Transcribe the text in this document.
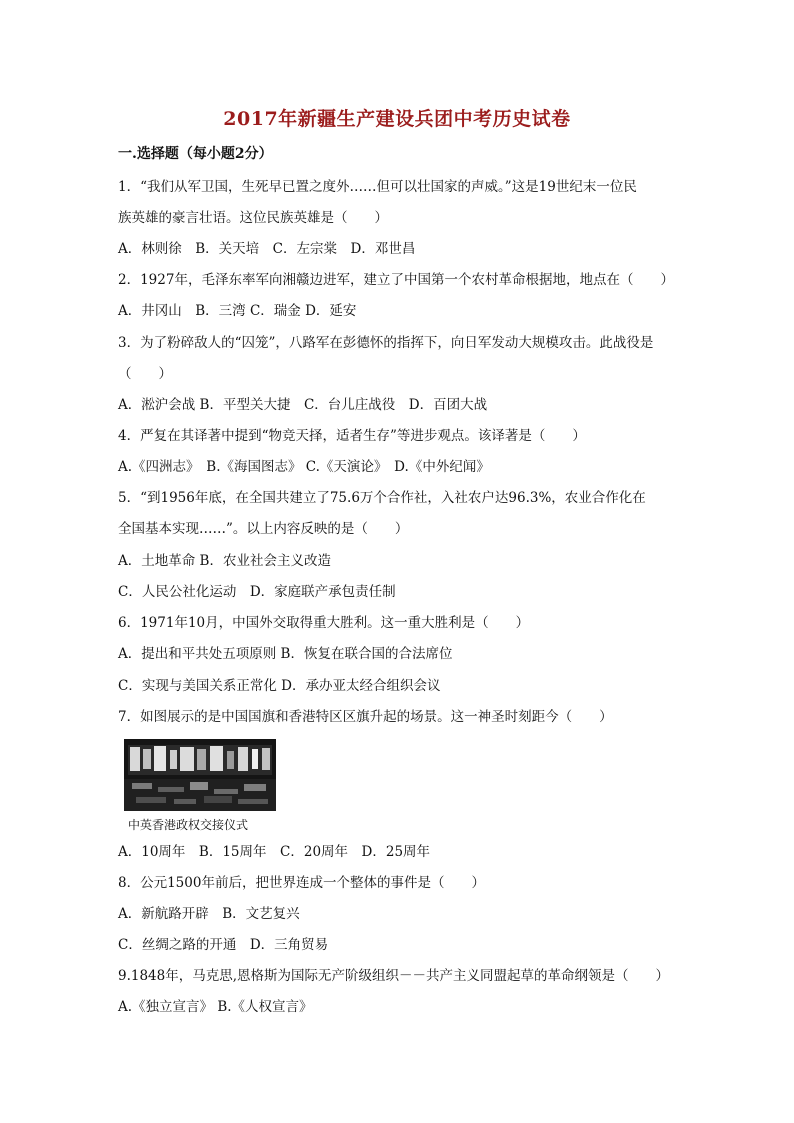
2017年新疆生产建设兵团中考历史试卷
一.选择题（每小题2分）
1．“我们从军卫国，生死早已置之度外……但可以壮国家的声威。”这是19世纪末一位民
族英雄的豪言壮语。这位民族英雄是（　　）
A．林则徐　B．关天培　C．左宗棠　D．邓世昌
2．1927年，毛泽东率军向湘赣边进军，建立了中国第一个农村革命根据地，地点在（　　）
A．井冈山　B．三湾 C．瑞金 D．延安
3．为了粉碎敌人的“囚笼”，八路军在彭德怀的指挥下，向日军发动大规模攻击。此战役是
（　　）
A．淞沪会战 B．平型关大捷　C．台儿庄战役　D．百团大战
4．严复在其译著中提到“物竞天择，适者生存”等进步观点。该译著是（　　）
A.《四洲志》　B.《海国图志》 C.《天演论》　D.《中外纪闻》
5．“到1956年底，在全国共建立了75.6万个合作社，入社农户达96.3%，农业合作化在
全国基本实现……”。以上内容反映的是（　　）
A．土地革命 B．农业社会主义改造
C．人民公社化运动　D．家庭联产承包责任制
6．1971年10月，中国外交取得重大胜利。这一重大胜利是（　　）
A．提出和平共处五项原则 B．恢复在联合国的合法席位
C．实现与美国关系正常化 D．承办亚太经合组织会议
7．如图展示的是中国国旗和香港特区区旗升起的场景。这一神圣时刻距今（　　）
中英香港政权交接仪式
A．10周年　B．15周年　C．20周年　D．25周年
8．公元1500年前后，把世界连成一个整体的事件是（　　）
A．新航路开辟　B．文艺复兴
C．丝绸之路的开通　D．三角贸易
9.1848年，马克思,恩格斯为国际无产阶级组织－－共产主义同盟起草的革命纲领是（　　）
A.《独立宣言》 B.《人权宣言》
